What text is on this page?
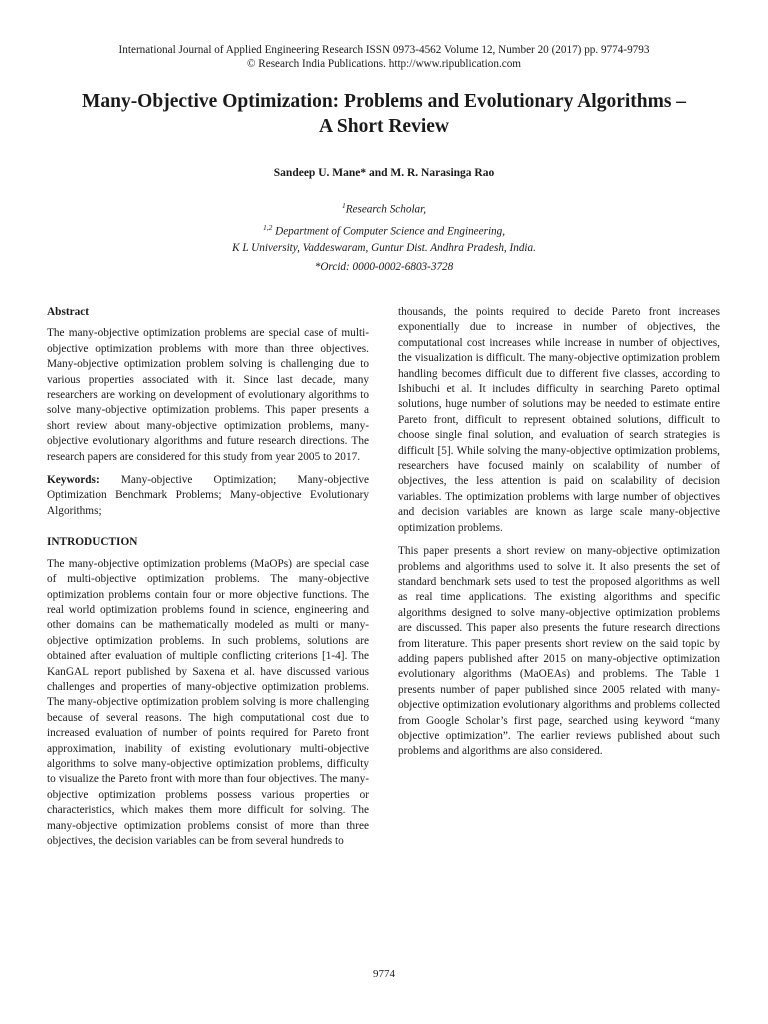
International Journal of Applied Engineering Research ISSN 0973-4562 Volume 12, Number 20 (2017) pp. 9774-9793
© Research India Publications. http://www.ripublication.com
Many-Objective Optimization: Problems and Evolutionary Algorithms –
A Short Review
Sandeep U. Mane* and M. R. Narasinga Rao
$^1$Research Scholar,
$^{1,2}$ Department of Computer Science and Engineering,
K L University, Vaddeswaram, Guntur Dist. Andhra Pradesh, India.
*Orcid: 0000-0002-6803-3728
Abstract

The many-objective optimization problems are special case of multi-objective optimization problems with more than three objectives. Many-objective optimization problem solving is challenging due to various properties associated with it. Since last decade, many researchers are working on development of evolutionary algorithms to solve many-objective optimization problems. This paper presents a short review about many-objective optimization problems, many-objective evolutionary algorithms and future research directions. The research papers are considered for this study from year 2005 to 2017.

Keywords: Many-objective Optimization; Many-objective Optimization Benchmark Problems; Many-objective Evolutionary Algorithms;

INTRODUCTION

The many-objective optimization problems (MaOPs) are special case of multi-objective optimization problems. The many-objective optimization problems contain four or more objective functions. The real world optimization problems found in science, engineering and other domains can be mathematically modeled as multi or many-objective optimization problems. In such problems, solutions are obtained after evaluation of multiple conflicting criterions [1-4]. The KanGAL report published by Saxena et al. have discussed various challenges and properties of many-objective optimization problems. The many-objective optimization problem solving is more challenging because of several reasons. The high computational cost due to increased evaluation of number of points required for Pareto front approximation, inability of existing evolutionary multi-objective algorithms to solve many-objective optimization problems, difficulty to visualize the Pareto front with more than four objectives. The many-objective optimization problems possess various properties or characteristics, which makes them more difficult for solving. The many-objective optimization problems consist of more than three objectives, the decision variables can be from several hundreds to

thousands, the points required to decide Pareto front increases exponentially due to increase in number of objectives, the computational cost increases while increase in number of objectives, the visualization is difficult. The many-objective optimization problem handling becomes difficult due to different five classes, according to Ishibuchi et al. It includes difficulty in searching Pareto optimal solutions, huge number of solutions may be needed to estimate entire Pareto front, difficult to represent obtained solutions, difficult to choose single final solution, and evaluation of search strategies is difficult [5]. While solving the many-objective optimization problems, researchers have focused mainly on scalability of number of objectives, the less attention is paid on scalability of decision variables. The optimization problems with large number of objectives and decision variables are known as large scale many-objective optimization problems.

This paper presents a short review on many-objective optimization problems and algorithms used to solve it. It also presents the set of standard benchmark sets used to test the proposed algorithms as well as real time applications. The existing algorithms and specific algorithms designed to solve many-objective optimization problems are discussed. This paper also presents the future research directions from literature. This paper presents short review on the said topic by adding papers published after 2015 on many-objective optimization evolutionary algorithms (MaOEAs) and problems. The Table 1 presents number of paper published since 2005 related with many-objective optimization evolutionary algorithms and problems collected from Google Scholar’s first page, searched using keyword “many objective optimization”. The earlier reviews published about such problems and algorithms are also considered.

9774
